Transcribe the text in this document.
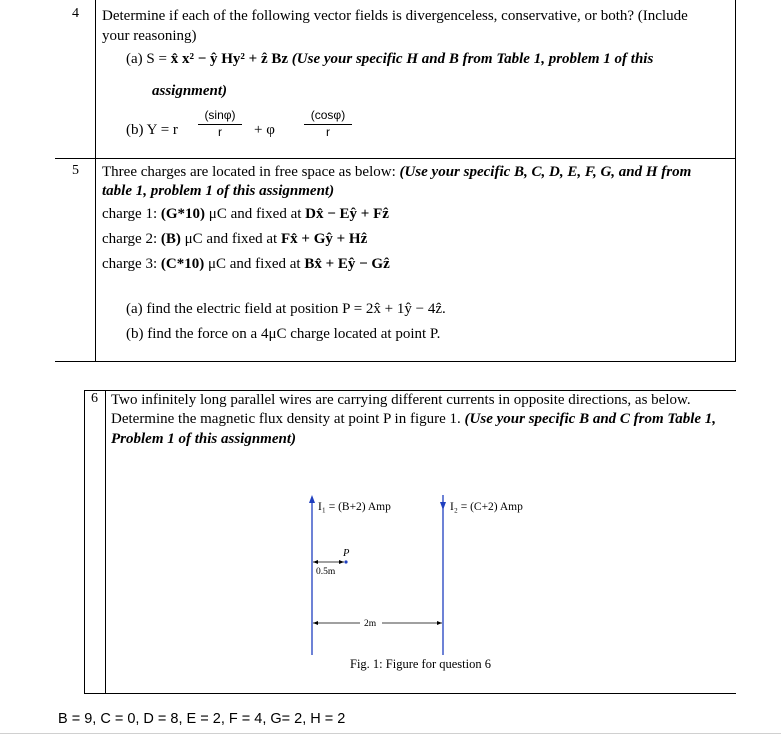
4 Determine if each of the following vector fields is divergenceless, conservative, or both? (Include
your reasoning)
(a) S = x̂ x² − ŷ Hy² + ẑ Bz (Use your specific H and B from Table 1, problem 1 of this
assignment)
(b) Y = r
(sinφ)
r	+ φ
(cosφ)
r
5 Three charges are located in free space as below: (Use your specific B, C, D, E, F, G, and H from
table 1, problem 1 of this assignment)
charge 1: (G*10) μC and fixed at Dx̂ − Eŷ + Fẑ
charge 2: (B) μC and fixed at Fx̂ + Gŷ + Hẑ
charge 3: (C*10) μC and fixed at Bx̂ + Eŷ − Gẑ
(a) find the electric field at position P = 2x̂ + 1ŷ − 4ẑ.
(b) find the force on a 4μC charge located at point P.
6 Two infinitely long parallel wires are carrying different currents in opposite directions, as below.
Determine the magnetic flux density at point P in figure 1. (Use your specific B and C from Table 1,
Problem 1 of this assignment)
I₁ = (B+2) Amp	I₂ = (C+2) Amp
P
0.5m
2m
Fig. 1: Figure for question 6
B = 9, C = 0, D = 8, E = 2, F = 4, G= 2, H = 2
